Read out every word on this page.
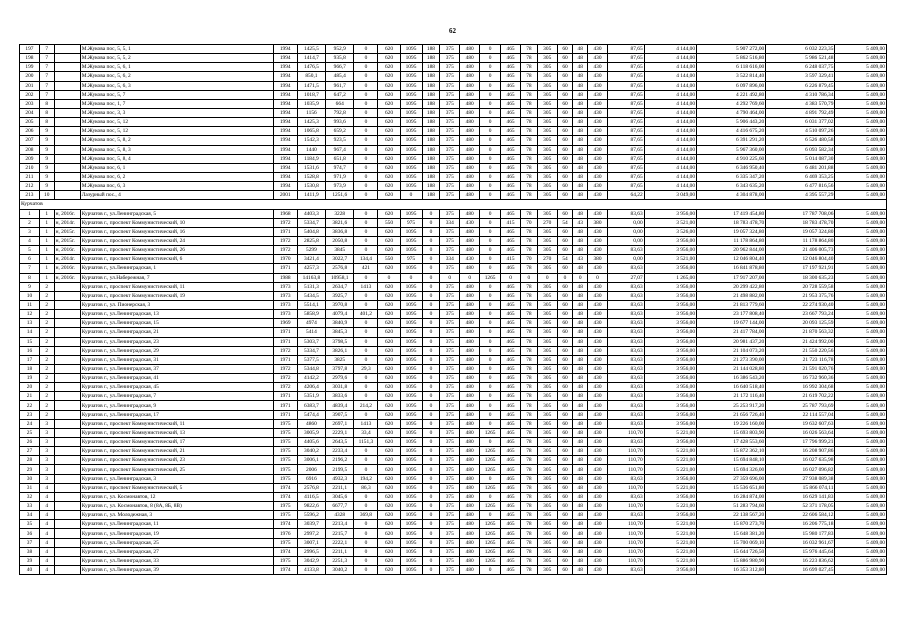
62
197	7		М.Жукова пос, 5, 5, 1	1994	1425,5	952,9	0	620	1095	188	375	480	0	465	78	305	60	48	430	87,65	4 144,00	5 907 272,00	6 032 223,35	5 409,00
198	7		М.Жукова пос, 5, 5, 2	1994	1414,7	935,8	0	620	1095	188	375	480	0	465	78	305	60	48	430	87,65	4 144,00	5 862 516,80	5 986 521,48	5 409,00
199	7		М.Жукова пос, 5, 6, 1	1994	1476,5	966,7	0	620	1095	188	375	480	0	465	78	305	60	48	430	87,65	4 144,00	6 118 616,00	6 248 037,75	5 409,00
200	7		М.Жукова пос, 5, 6, 2	1994	850,1	485,4	0	620	1095	188	375	480	0	465	78	305	60	48	430	87,65	4 144,00	3 522 814,40	3 597 329,41	5 409,00
201	7		М.Жукова пос, 5, 6, 3	1994	1471,5	961,7	0	620	1095	188	375	480	0	465	78	305	60	48	430	87,65	4 144,00	6 097 896,00	6 226 879,45	5 409,00
202	7		М.Жукова пос, 5, 7	1994	1018,7	647,2	0	620	1095	188	375	480	0	465	78	305	60	48	430	87,65	4 144,00	4 221 492,80	4 310 786,34	5 409,00
203	8		М.Жукова пос, 1, 7	1994	1035,9	664	0	620	1095	188	375	480	0	465	78	305	60	48	430	87,65	4 144,00	4 292 769,60	4 383 570,79	5 409,00
204	8		М.Жукова пос, 3, 3	1994	1156	792,8	0	620	1095	188	375	480	0	465	78	305	60	48	430	87,65	4 144,00	4 790 464,00	4 891 792,49	5 409,00
205	8		М.Жукова пос, 5, 12	1994	1425,3	993,6	0	620	1095	188	375	480	0	465	78	305	60	48	430	87,65	4 144,00	5 906 443,20	6 031 377,02	5 409,00
206	9		М.Жукова пос, 5, 12	1994	1065,8	659,2	0	620	1095	188	375	480	0	465	78	305	60	48	430	87,65	4 144,00	4 416 675,20	4 510 097,26	5 409,00
207	9		М.Жукова пос, 5, 8, 2	1994	1542,3	923,5	0	620	1095	188	375	480	0	465	78	305	60	48	430	87,65	4 144,00	6 391 291,20	6 526 480,58	5 409,00
208	9		М.Жукова пос, 5, 8, 3	1994	1440	967,4	0	620	1095	188	375	480	0	465	78	305	60	48	430	87,65	4 144,00	5 967 360,00	6 093 582,34	5 409,00
209	9		М.Жукова пос, 5, 8, 4	1994	1184,9	651,8	0	620	1095	188	375	480	0	465	78	305	60	48	430	87,65	4 144,00	4 910 225,60	5 014 087,30	5 409,00
210	9		М.Жукова пос, 6, 1	1994	1531,6	974,7	0	620	1095	188	375	480	0	465	78	305	60	48	430	87,65	4 144,00	6 346 950,40	6 481 201,88	5 409,00
211	9		М.Жукова пос, 6, 2	1994	1528,8	971,9	0	620	1095	188	375	480	0	465	78	305	60	48	430	87,65	4 144,00	6 335 347,20	6 469 353,25	5 409,00
212	9		М.Жукова пос, 6, 3	1994	1530,8	973,9	0	620	1095	188	375	480	0	465	78	305	60	48	430	87,65	4 144,00	6 343 635,20	6 477 816,56	5 409,00
213	10		Лазурный пос., 4	2001	1411,9	1251,6	0	620	0	188	375	480	0	465	78	305	60	48	430	64,22	3 049,00	4 304 878,00	4 395 557,29	5 409,00
Курчатов																								
1	1	н, 2016г.	Курчатов г., ул.Ленинградская, 5	1968	4403,3	3228	0	620	1095	0	375	480	0	465	78	305	60	48	430	83,63	3 956,00	17 419 454,80	17 787 708,06	5 409,00
2	1	н, 2014г.	Курчатов г., проспект Коммунистический, 10	1972	5334,7	3821,6	0	550	975	0	334	430	0	415	70	270	54	43	380	0,00	3 521,00	18 783 478,70	18 783 478,70	5 409,00
3	1	н, 2015г.	Курчатов г., проспект Коммунистический, 16	1971	5404,8	3836,8	0	620	1095	0	375	480	0	465	78	305	60	48	430	0,00	3 526,00	19 057 324,80	19 057 324,80	5 409,00
4	1	н, 2015г.	Курчатов г., проспект Коммунистический, 24	1972	2825,8	2050,8	0	620	1095	0	375	480	0	465	78	305	60	48	430	0,00	3 956,00	11 178 864,80	11 178 864,80	5 409,00
5	1	н, 2016г.	Курчатов г., проспект Коммунистический, 26	1972	5299	3845	0	620	1095	0	375	480	0	465	78	305	60	48	430	83,63	3 956,00	20 962 844,00	21 406 005,73	5 409,00
6	1	н, 2014г.	Курчатов г., проспект Коммунистический, 6	1970	3421,4	3022,7	134,4	550	975	0	334	430	0	415	70	270	54	43	380	0,00	3 521,00	12 046 804,40	12 046 804,40	5 409,00
7	1	н, 2016г.	Курчатов г., ул.Ленинградская, 1	1971	4257,3	2576,8	421	620	1095	0	375	480	0	465	78	305	60	48	430	83,63	3 956,00	16 841 878,80	17 197 921,91	5 409,00
8	1	н, 2016г.	Курчатов г., ул.Набережная, 7	1988	14163,8	10958,1	0	0	0	0	0	0	1265	0	0	0	0	0	0	27,07	1 265,00	17 917 207,00	18 300 635,23	5 409,00
9	2		Курчатов г., проспект Коммунистический, 11	1973	5131,3	2634,7	1413	620	1095	0	375	480	0	465	78	305	60	48	430	83,63	3 956,00	20 299 422,80	20 728 559,58	5 409,00
10	2		Курчатов г., проспект Коммунистический, 19	1973	5434,5	3925,7	0	620	1095	0	375	480	0	465	78	305	60	48	430	83,63	3 956,00	21 498 882,00	21 953 375,76	5 409,00
11	2		Курчатов г., ул. Пионерская, 3	1973	5514,1	3970,8	0	620	1095	0	375	480	0	465	78	305	60	48	430	83,63	3 956,00	21 813 779,60	22 274 930,40	5 409,00
12	2		Курчатов г., ул.Ленинградская, 13	1973	5858,9	4079,4	401,2	620	1095	0	375	480	0	465	78	305	60	48	430	83,63	3 956,00	23 177 808,40	23 667 793,24	5 409,00
13	2		Курчатов г., ул.Ленинградская, 15	1969	4974	3840,9	0	620	1095	0	375	480	0	465	78	305	60	48	430	83,63	3 956,00	19 677 144,00	20 093 125,59	5 409,00
14	2		Курчатов г., ул.Ленинградская, 21	1971	5414	3845,3	0	620	1095	0	375	480	0	465	78	305	60	48	430	83,63	3 956,00	21 417 784,00	21 870 563,32	5 409,00
15	2		Курчатов г., ул.Ленинградская, 23	1971	5303,7	3798,5	0	620	1095	0	375	480	0	465	78	305	60	48	430	83,63	3 956,00	20 981 437,20	21 424 992,00	5 409,00
16	2		Курчатов г., ул.Ленинградская, 29	1972	5334,7	3826,1	0	620	1095	0	375	480	0	465	78	305	60	48	430	83,63	3 956,00	21 104 073,20	21 550 220,56	5 409,00
17	2		Курчатов г., ул.Ленинградская, 31	1971	5377,5	3825	0	620	1095	0	375	480	0	465	78	305	60	48	430	83,63	3 956,00	21 273 390,00	21 723 116,78	5 409,00
18	2		Курчатов г., ул.Ленинградская, 37	1972	5344,8	3797,8	29,3	620	1095	0	375	480	0	465	78	305	60	48	430	83,63	3 956,00	21 144 028,80	21 591 020,76	5 409,00
19	2		Курчатов г., ул.Ленинградская, 41	1972	4142,2	2979,6	0	620	1095	0	375	480	0	465	78	305	60	48	430	83,63	3 956,00	16 386 543,20	16 732 960,36	5 409,00
20	2		Курчатов г., ул.Ленинградская, 45	1972	4206,4	3031,8	0	620	1095	0	375	480	0	465	78	305	60	48	430	83,63	3 956,00	16 640 518,40	16 992 304,68	5 409,00
21	2		Курчатов г., ул.Ленинградская, 7	1971	5351,9	3833,6	0	620	1095	0	375	480	0	465	78	305	60	48	430	83,63	3 956,00	21 172 116,40	21 619 702,22	5 409,00
22	2		Курчатов г., ул.Ленинградская, 9	1971	6383,7	4839,4	214,2	620	1095	0	375	480	0	465	78	305	60	48	430	83,63	3 956,00	25 253 917,20	25 787 793,69	5 409,00
23	2		Курчатов г., ул.Ленинградская, 17	1971	5474,4	3907,5	0	620	1095	0	375	480	0	465	78	305	60	48	430	83,63	3 956,00	21 656 726,40	22 114 557,04	5 409,00
24	3		Курчатов г., проспект Коммунистический, 11	1975	4860	2697,1	1413	620	1095	0	375	480	0	465	78	305	60	48	430	83,63	3 956,00	19 226 160,00	19 632 607,63	5 409,00
25	3		Курчатов г., проспект Коммунистический, 13	1975	3005,9	2229,1	33,4	620	1095	0	375	480	1265	465	78	305	60	48	430	110,70	5 221,00	15 693 803,90	16 026 563,64	5 409,00
26	3		Курчатов г., проспект Коммунистический, 17	1975	4405,6	2643,5	1151,3	620	1095	0	375	480	0	465	78	305	60	48	430	83,63	3 956,00	17 428 553,60	17 796 999,21	5 409,00
27	3		Курчатов г., проспект Коммунистический, 21	1975	3040,2	2233,4	0	620	1095	0	375	480	1265	465	78	305	60	48	430	110,70	5 221,00	15 872 362,10	16 208 907,86	5 409,00
28	3		Курчатов г., проспект Коммунистический, 23	1975	3006,1	2196,2	0	620	1095	0	375	480	1265	465	78	305	60	48	430	110,70	5 221,00	15 694 848,10	16 027 635,98	5 409,00
29	3		Курчатов г., проспект Коммунистический, 25	1975	2006	2199,5	0	620	1095	0	375	480	1265	465	78	305	60	48	430	110,70	5 221,00	15 694 326,00	16 027 096,82	5 409,00
30	3		Курчатов г., ул.Ленинградская, 3	1975	6916	4932,3	194,2	620	1095	0	375	480	0	465	78	305	60	48	430	83,63	3 956,00	27 359 696,00	27 938 089,38	5 409,00
31	4		Курчатов г., проспект Коммунистический, 5	1974	2576,8	2211,1	86,3	620	1095	0	375	480	1265	465	78	305	60	48	430	110,70	5 221,00	15 536 651,80	15 866 074,11	5 409,00
32	4		Курчатов г., ул. Космонавтов, 12	1974	4116,5	3045,6	0	620	1095	0	375	480	0	465	78	305	60	48	430	83,63	3 956,00	16 284 874,00	16 629 141,83	5 409,00
33	4		Курчатов г., ул. Космонавтов, 8 (8А, 8Б, 8В)	1975	9822,6	6677,7	0	620	1095	0	375	480	1265	465	78	305	60	48	430	110,70	5 221,00	51 283 794,60	52 371 178,05	5 409,00
34	4		Курчатов г., ул. Молодежная, 3	1975	5596,2	4328	369,8	620	1095	0	375	480	0	465	78	305	60	48	430	83,63	3 956,00	22 138 567,20	22 606 584,12	5 409,00
35	4		Курчатов г., ул.Ленинградская, 11	1974	3039,7	2213,4	0	620	1095	0	375	480	1265	465	78	305	60	48	430	110,70	5 221,00	15 870 273,70	16 206 775,18	5 409,00
36	4		Курчатов г., ул.Ленинградская, 19	1976	2997,2	2215,7	0	620	1095	0	375	480	1265	465	78	305	60	48	430	110,70	5 221,00	15 648 381,20	15 980 177,83	5 409,00
37	4		Курчатов г., ул.Ленинградская, 25	1975	3007,1	2222,1	0	620	1095	0	375	480	1265	465	78	305	60	48	430	110,70	5 221,00	15 700 069,10	16 032 961,67	5 409,00
38	4		Курчатов г., ул.Ленинградская, 27	1974	2996,5	2211,1	0	620	1095	0	375	480	1265	465	78	305	60	48	430	110,70	5 221,00	15 644 726,50	15 976 445,64	5 409,00
39	4		Курчатов г., ул.Ленинградская, 33	1975	3042,9	2251,3	0	620	1095	0	375	480	1265	465	78	305	60	48	430	110,70	5 221,00	15 886 980,90	16 223 836,62	5 409,00
40	4		Курчатов г., ул.Ленинградская, 39	1974	4133,8	3040,2	0	620	1095	0	375	480	0	465	78	305	60	48	430	83,63	3 956,00	16 353 312,80	16 699 027,45	5 409,00
